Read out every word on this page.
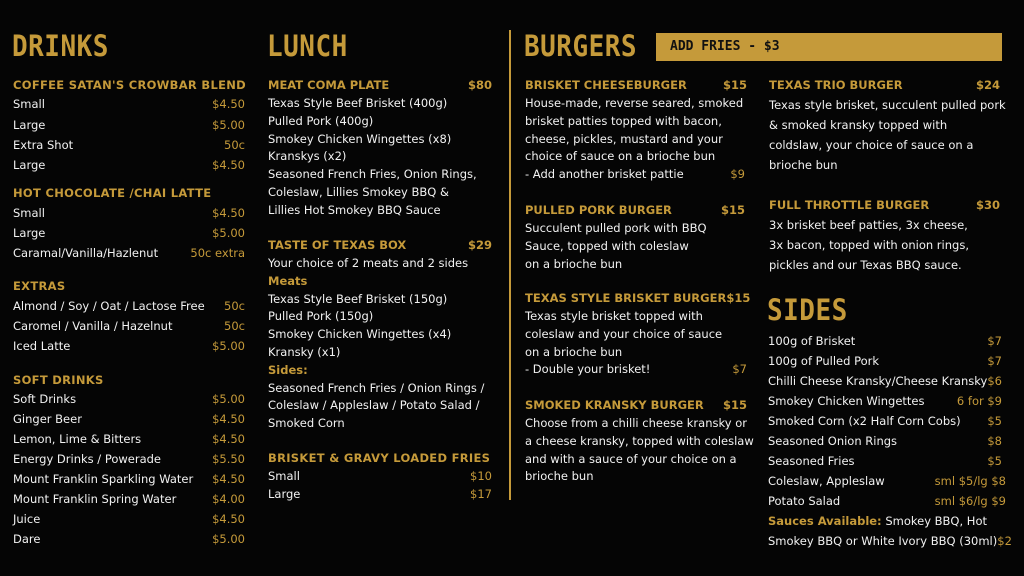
DRINKS
COFFEE SATAN'S CROWBAR BLEND
Small	$4.50
Large	$5.00
Extra Shot	50c
Large	$4.50
HOT CHOCOLATE /CHAI LATTE
Small	$4.50
Large	$5.00
Caramal/Vanilla/Hazlenut	50c extra
EXTRAS
Almond / Soy / Oat / Lactose Free 50c
Caromel / Vanilla / Hazelnut	50c
Iced Latte	$5.00
SOFT DRINKS
Soft Drinks	$5.00
Ginger Beer	$4.50
Lemon, Lime & Bitters	$4.50
Energy Drinks / Powerade	$5.50
Mount Franklin Sparkling Water $4.50
Mount Franklin Spring Water	$4.00
Juice	$4.50
Dare	$5.00
LUNCH
MEAT COMA PLATE	$80
Texas Style Beef Brisket (400g)
Pulled Pork (400g)
Smokey Chicken Wingettes (x8)
Kranskys (x2)
Seasoned French Fries, Onion Rings,
Coleslaw, Lillies Smokey BBQ &
Lillies Hot Smokey BBQ Sauce
TASTE OF TEXAS BOX	$29
Your choice of 2 meats and 2 sides
Meats
Texas Style Beef Brisket (150g)
Pulled Pork (150g)
Smokey Chicken Wingettes (x4)
Kransky (x1)
Sides:
Seasoned French Fries / Onion Rings /
Coleslaw / Appleslaw / Potato Salad /
Smoked Corn
BRISKET & GRAVY LOADED FRIES
Small	$10
Large	$17
BURGERS	ADD FRIES - $3
BRISKET CHEESEBURGER	$15
House-made, reverse seared, smoked
brisket patties topped with bacon,
cheese, pickles, mustard and your
choice of sauce on a brioche bun
- Add another brisket pattie	$9
PULLED PORK BURGER	$15
Succulent pulled pork with BBQ
Sauce, topped with coleslaw
on a brioche bun
TEXAS STYLE BRISKET BURGER $15
Texas style brisket topped with
coleslaw and your choice of sauce
on a brioche bun
- Double your brisket!	$7
SMOKED KRANSKY BURGER $15
Choose from a chilli cheese kransky or
a cheese kransky, topped with coleslaw
and with a sauce of your choice on a
brioche bun
TEXAS TRIO BURGER	$24
Texas style brisket, succulent pulled pork
& smoked kransky topped with
coldslaw, your choice of sauce on a
brioche bun
FULL THROTTLE BURGER	$30
3x brisket beef patties, 3x cheese,
3x bacon, topped with onion rings,
pickles and our Texas BBQ sauce.
SIDES
100g of Brisket	$7
100g of Pulled Pork	$7
Chilli Cheese Kransky/Cheese Kransky $6
Smokey Chicken Wingettes	6 for $9
Smoked Corn (x2 Half Corn Cobs) $5
Seasoned Onion Rings	$8
Seasoned Fries	$5
Coleslaw, Appleslaw	sml $5/lg $8
Potato Salad	sml $6/lg $9
Sauces Available: Smokey BBQ, Hot
Smokey BBQ or White Ivory BBQ (30ml) $2
